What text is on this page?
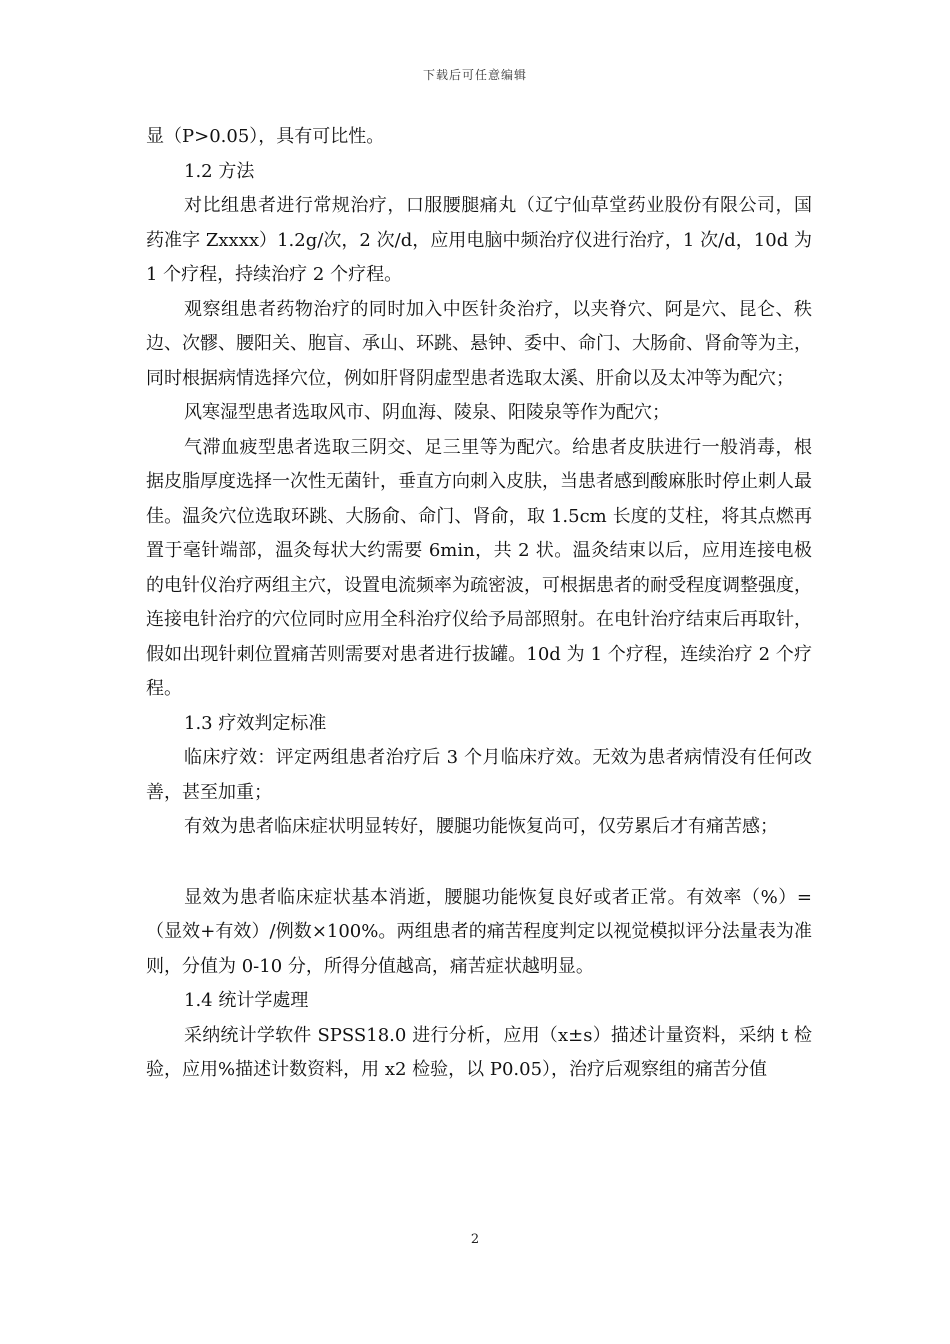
下载后可任意编辑

显（P>0.05），具有可比性。

1.2 方法

对比组患者进行常规治疗，口服腰腿痛丸（辽宁仙草堂药业股份有限公司，国药准字 Zxxxx）1.2g/次，2 次/d，应用电脑中频治疗仪进行治疗，1 次/d，10d 为 1 个疗程，持续治疗 2 个疗程。

观察组患者药物治疗的同时加入中医针灸治疗，以夹脊穴、阿是穴、昆仑、秩边、次髎、腰阳关、胞盲、承山、环跳、悬钟、委中、命门、大肠俞、肾俞等为主，同时根据病情选择穴位，例如肝肾阴虚型患者选取太溪、肝俞以及太冲等为配穴；

风寒湿型患者选取风市、阴血海、陵泉、阳陵泉等作为配穴；

气滞血疲型患者选取三阴交、足三里等为配穴。给患者皮肤进行一般消毒，根据皮脂厚度选择一次性无菌针，垂直方向刺入皮肤，当患者感到酸麻胀时停止刺人最佳。温灸穴位选取环跳、大肠俞、命门、肾俞，取 1.5cm 长度的艾柱，将其点燃再置于毫针端部，温灸每状大约需要 6min，共 2 状。温灸结束以后，应用连接电极的电针仪治疗两组主穴，设置电流频率为疏密波，可根据患者的耐受程度调整强度，连接电针治疗的穴位同时应用全科治疗仪给予局部照射。在电针治疗结束后再取针，假如出现针刺位置痛苦则需要对患者进行拔罐。10d 为 1 个疗程，连续治疗 2 个疗程。

1.3 疗效判定标准

临床疗效：评定两组患者治疗后 3 个月临床疗效。无效为患者病情没有任何改善，甚至加重；

有效为患者临床症状明显转好，腰腿功能恢复尚可，仅劳累后才有痛苦感；

显效为患者临床症状基本消逝，腰腿功能恢复良好或者正常。有效率（%）=（显效+有效）/例数×100%。两组患者的痛苦程度判定以视觉模拟评分法量表为准则，分值为 0-10 分，所得分值越高，痛苦症状越明显。

1.4 统计学處理

采纳统计学软件 SPSS18.0 进行分析，应用（x±s）描述计量资料，采纳 t 检验，应用%描述计数资料，用 x2 检验，以 P0.05），治疗后观察组的痛苦分值

2
